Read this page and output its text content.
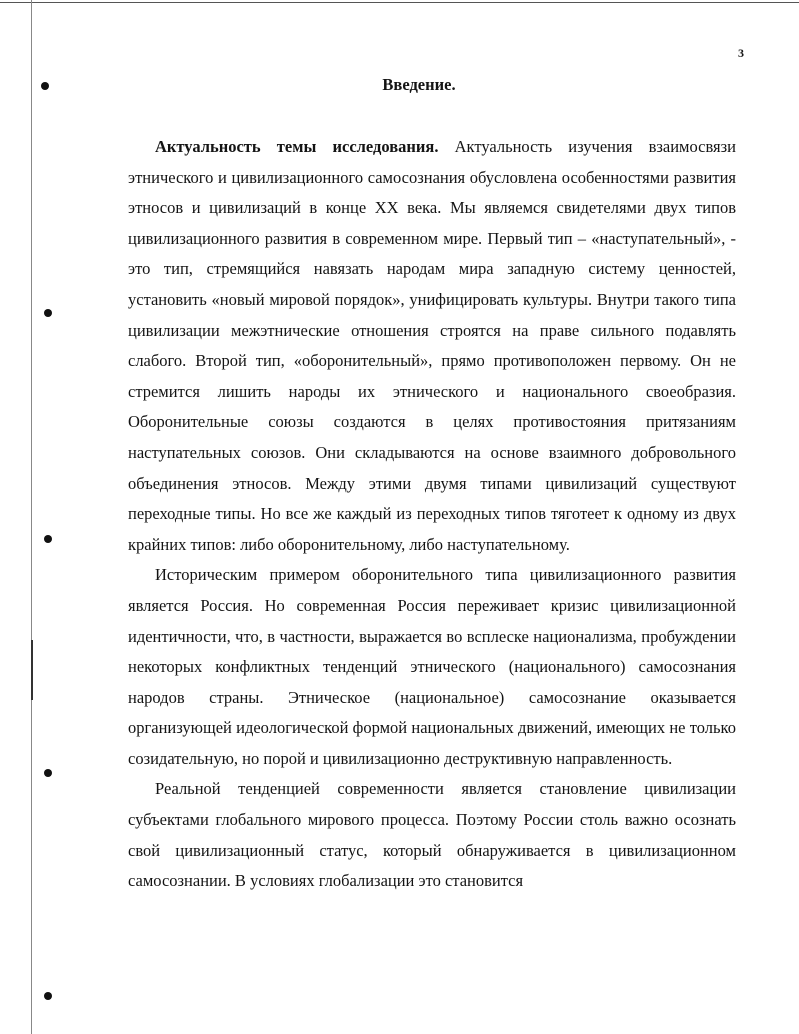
3
Введение.

Актуальность темы исследования. Актуальность изучения взаимосвязи этнического и цивилизационного самосознания обусловлена особенностями развития этносов и цивилизаций в конце XX века. Мы являемся свидетелями двух типов цивилизационного развития в современном мире. Первый тип – «наступательный», - это тип, стремящийся навязать народам мира западную систему ценностей, установить «новый мировой порядок», унифицировать культуры. Внутри такого типа цивилизации межэтнические отношения строятся на праве сильного подавлять слабого. Второй тип, «оборонительный», прямо противоположен первому. Он не стремится лишить народы их этнического и национального своеобразия. Оборонительные союзы создаются в целях противостояния притязаниям наступательных союзов. Они складываются на основе взаимного добровольного объединения этносов. Между этими двумя типами цивилизаций существуют переходные типы. Но все же каждый из переходных типов тяготеет к одному из двух крайних типов: либо оборонительному, либо наступательному.

Историческим примером оборонительного типа цивилизационного развития является Россия. Но современная Россия переживает кризис цивилизационной идентичности, что, в частности, выражается во всплеске национализма, пробуждении некоторых конфликтных тенденций этнического (национального) самосознания народов страны. Этническое (национальное) самосознание оказывается организующей идеологической формой национальных движений, имеющих не только созидательную, но порой и цивилизационно деструктивную направленность.

Реальной тенденцией современности является становление цивилизации субъектами глобального мирового процесса. Поэтому России столь важно осознать свой цивилизационный статус, который обнаруживается в цивилизационном самосознании. В условиях глобализации это становится
